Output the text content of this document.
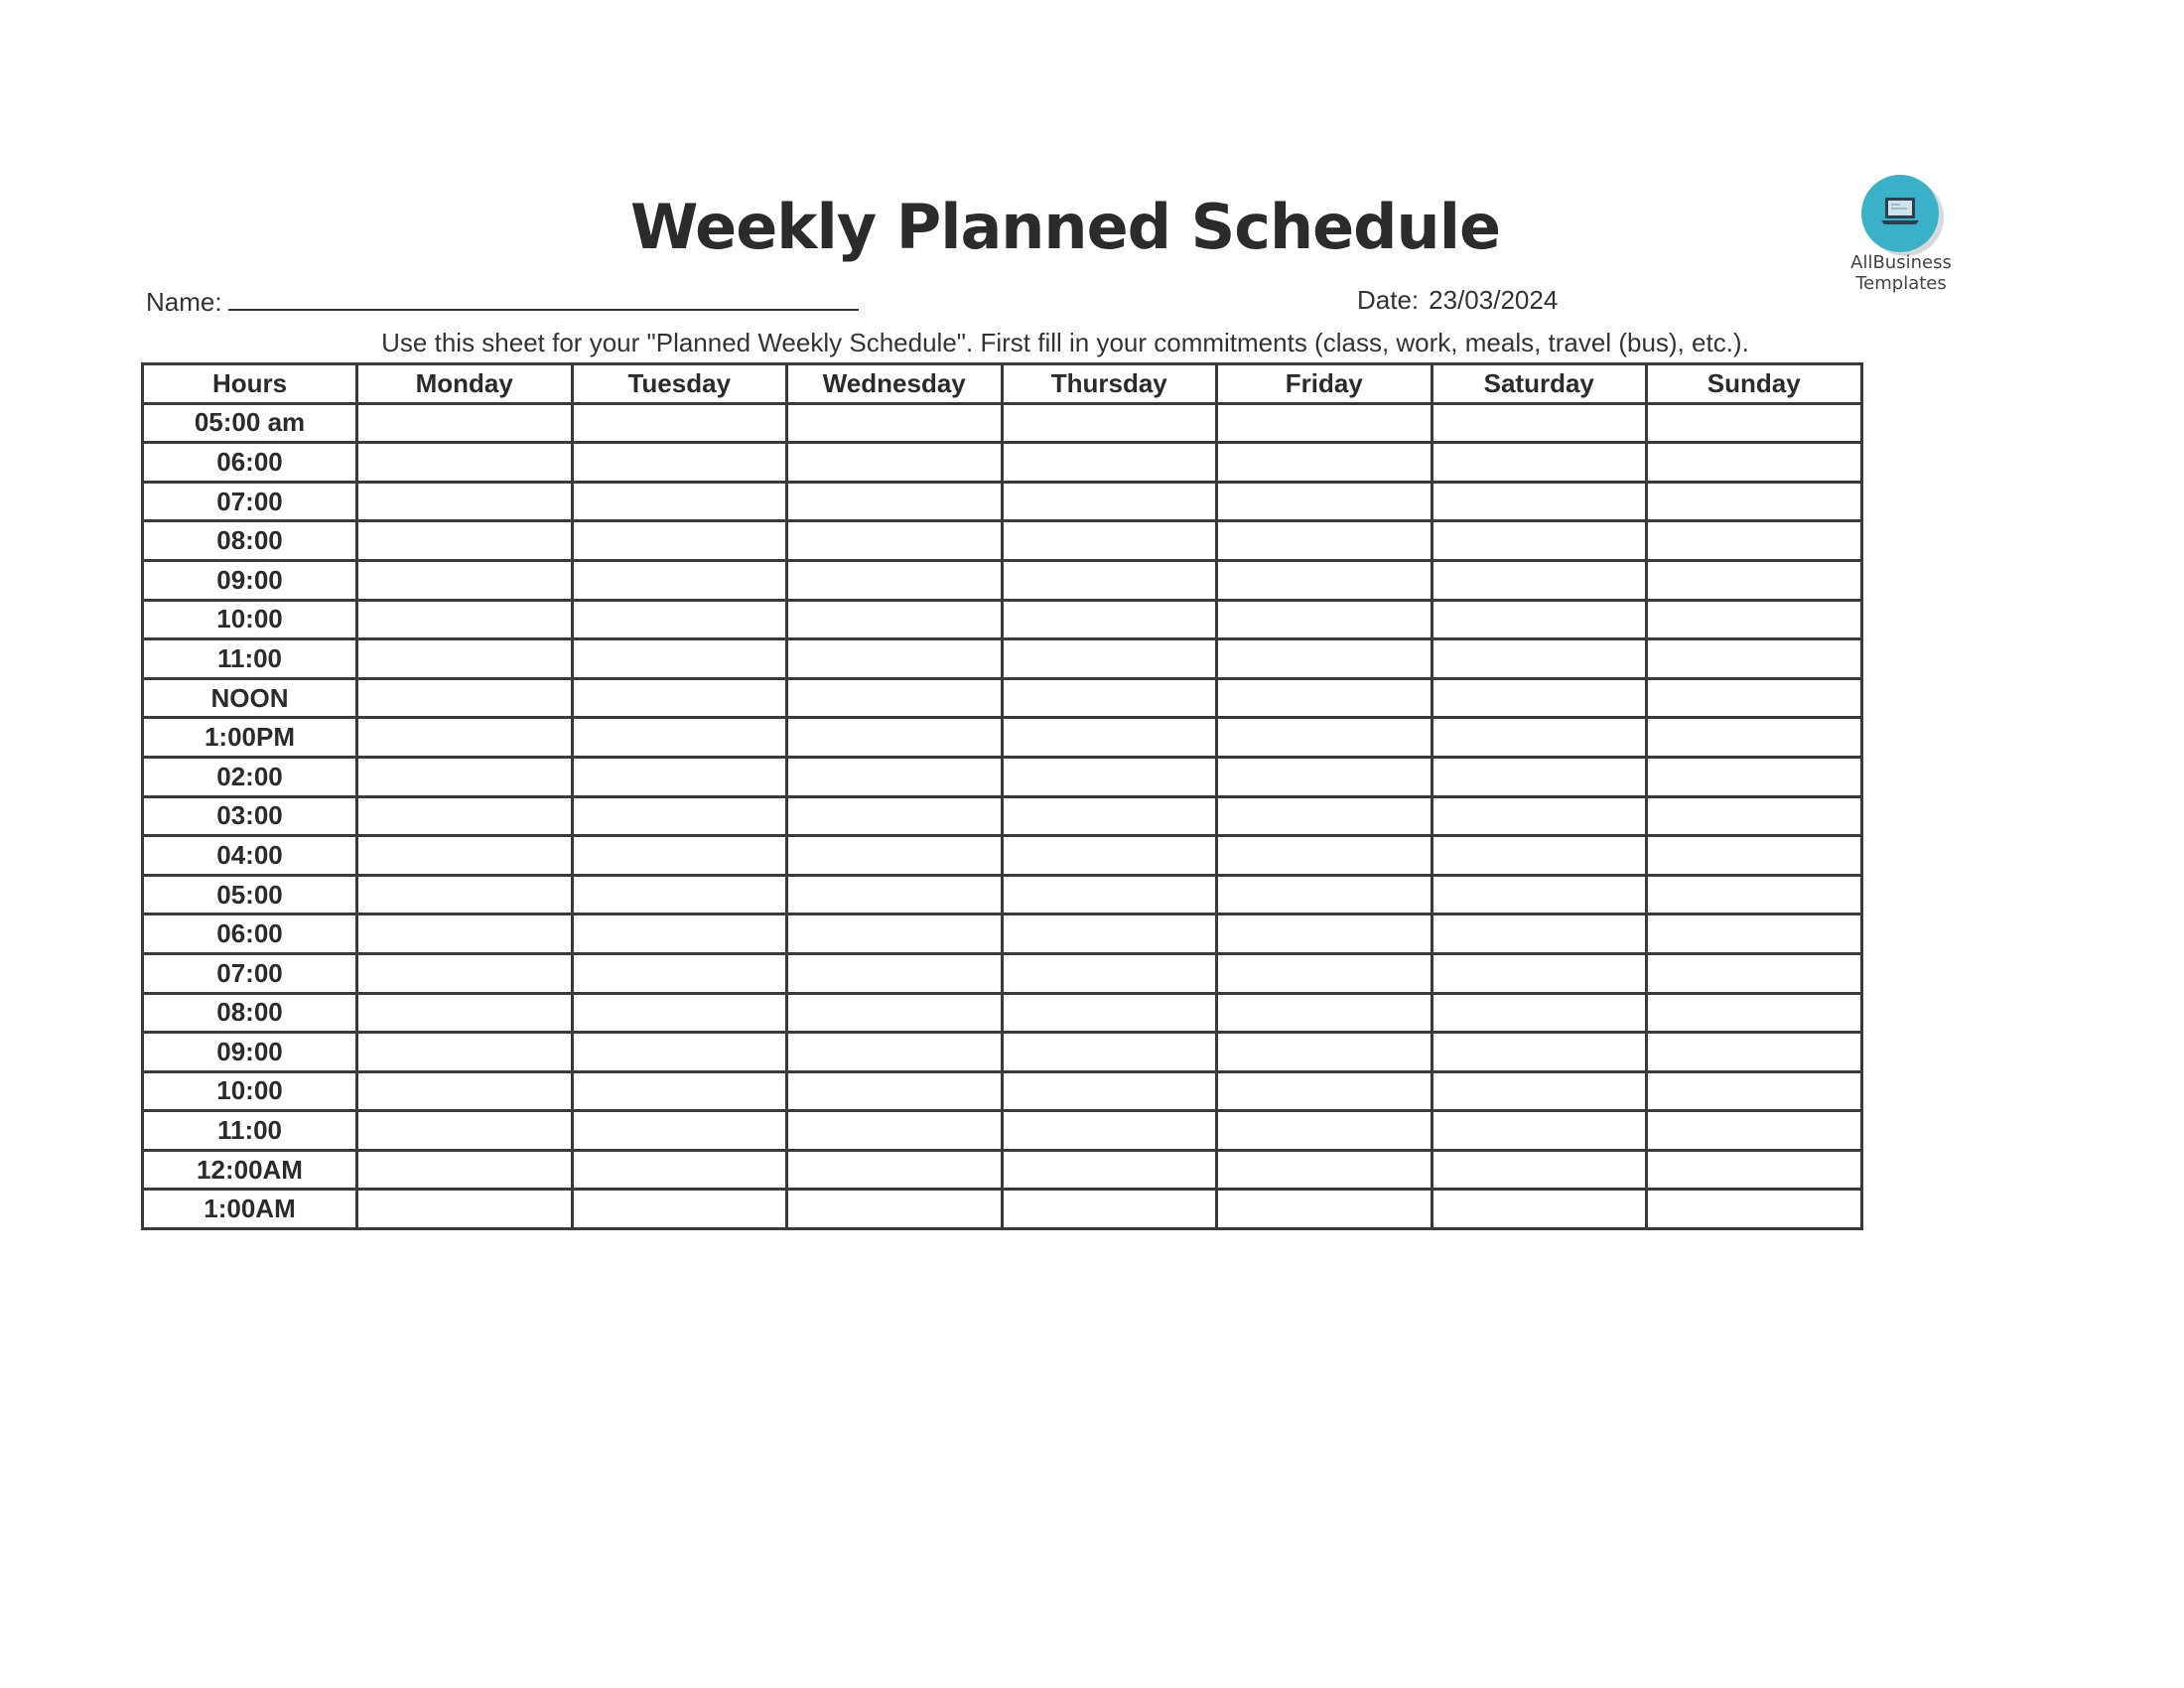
Weekly Planned Schedule	AllBusiness
Templates
Name:	Date: 23/03/2024
Use this sheet for your "Planned Weekly Schedule". First fill in your commitments (class, work, meals, travel (bus), etc.).
Hours	Monday	Tuesday	Wednesday	Thursday	Friday	Saturday	Sunday
05:00 am							
06:00							
07:00							
08:00							
09:00							
10:00							
11:00							
NOON							
1:00PM							
02:00							
03:00							
04:00							
05:00							
06:00							
07:00							
08:00							
09:00							
10:00							
11:00							
12:00AM							
1:00AM							
